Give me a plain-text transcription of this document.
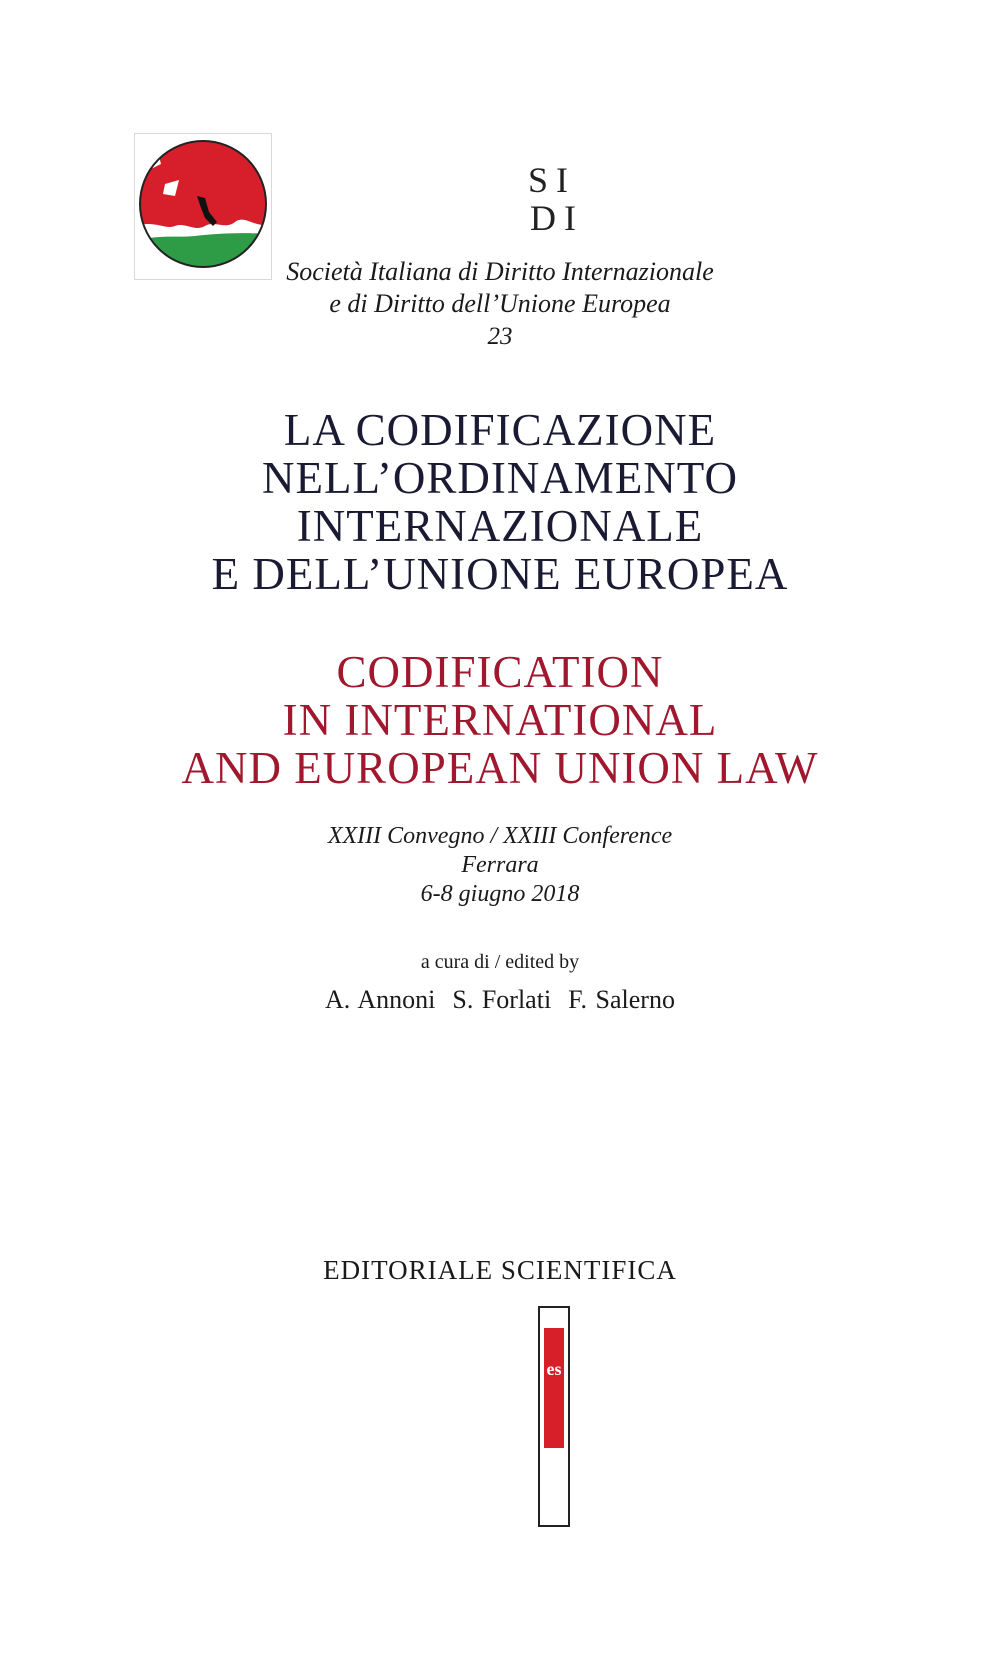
S I
D I
Società Italiana di Diritto Internazionale
e di Diritto dell’Unione Europea
23
LA CODIFICAZIONE
NELL’ORDINAMENTO
INTERNAZIONALE
E DELL’UNIONE EUROPEA
CODIFICATION
IN INTERNATIONAL
AND EUROPEAN UNION LAW
XXIII Convegno / XXIII Conference
Ferrara
6-8 giugno 2018
a cura di / edited by
A. Annoni  S. Forlati  F. Salerno
EDITORIALE SCIENTIFICA
es
